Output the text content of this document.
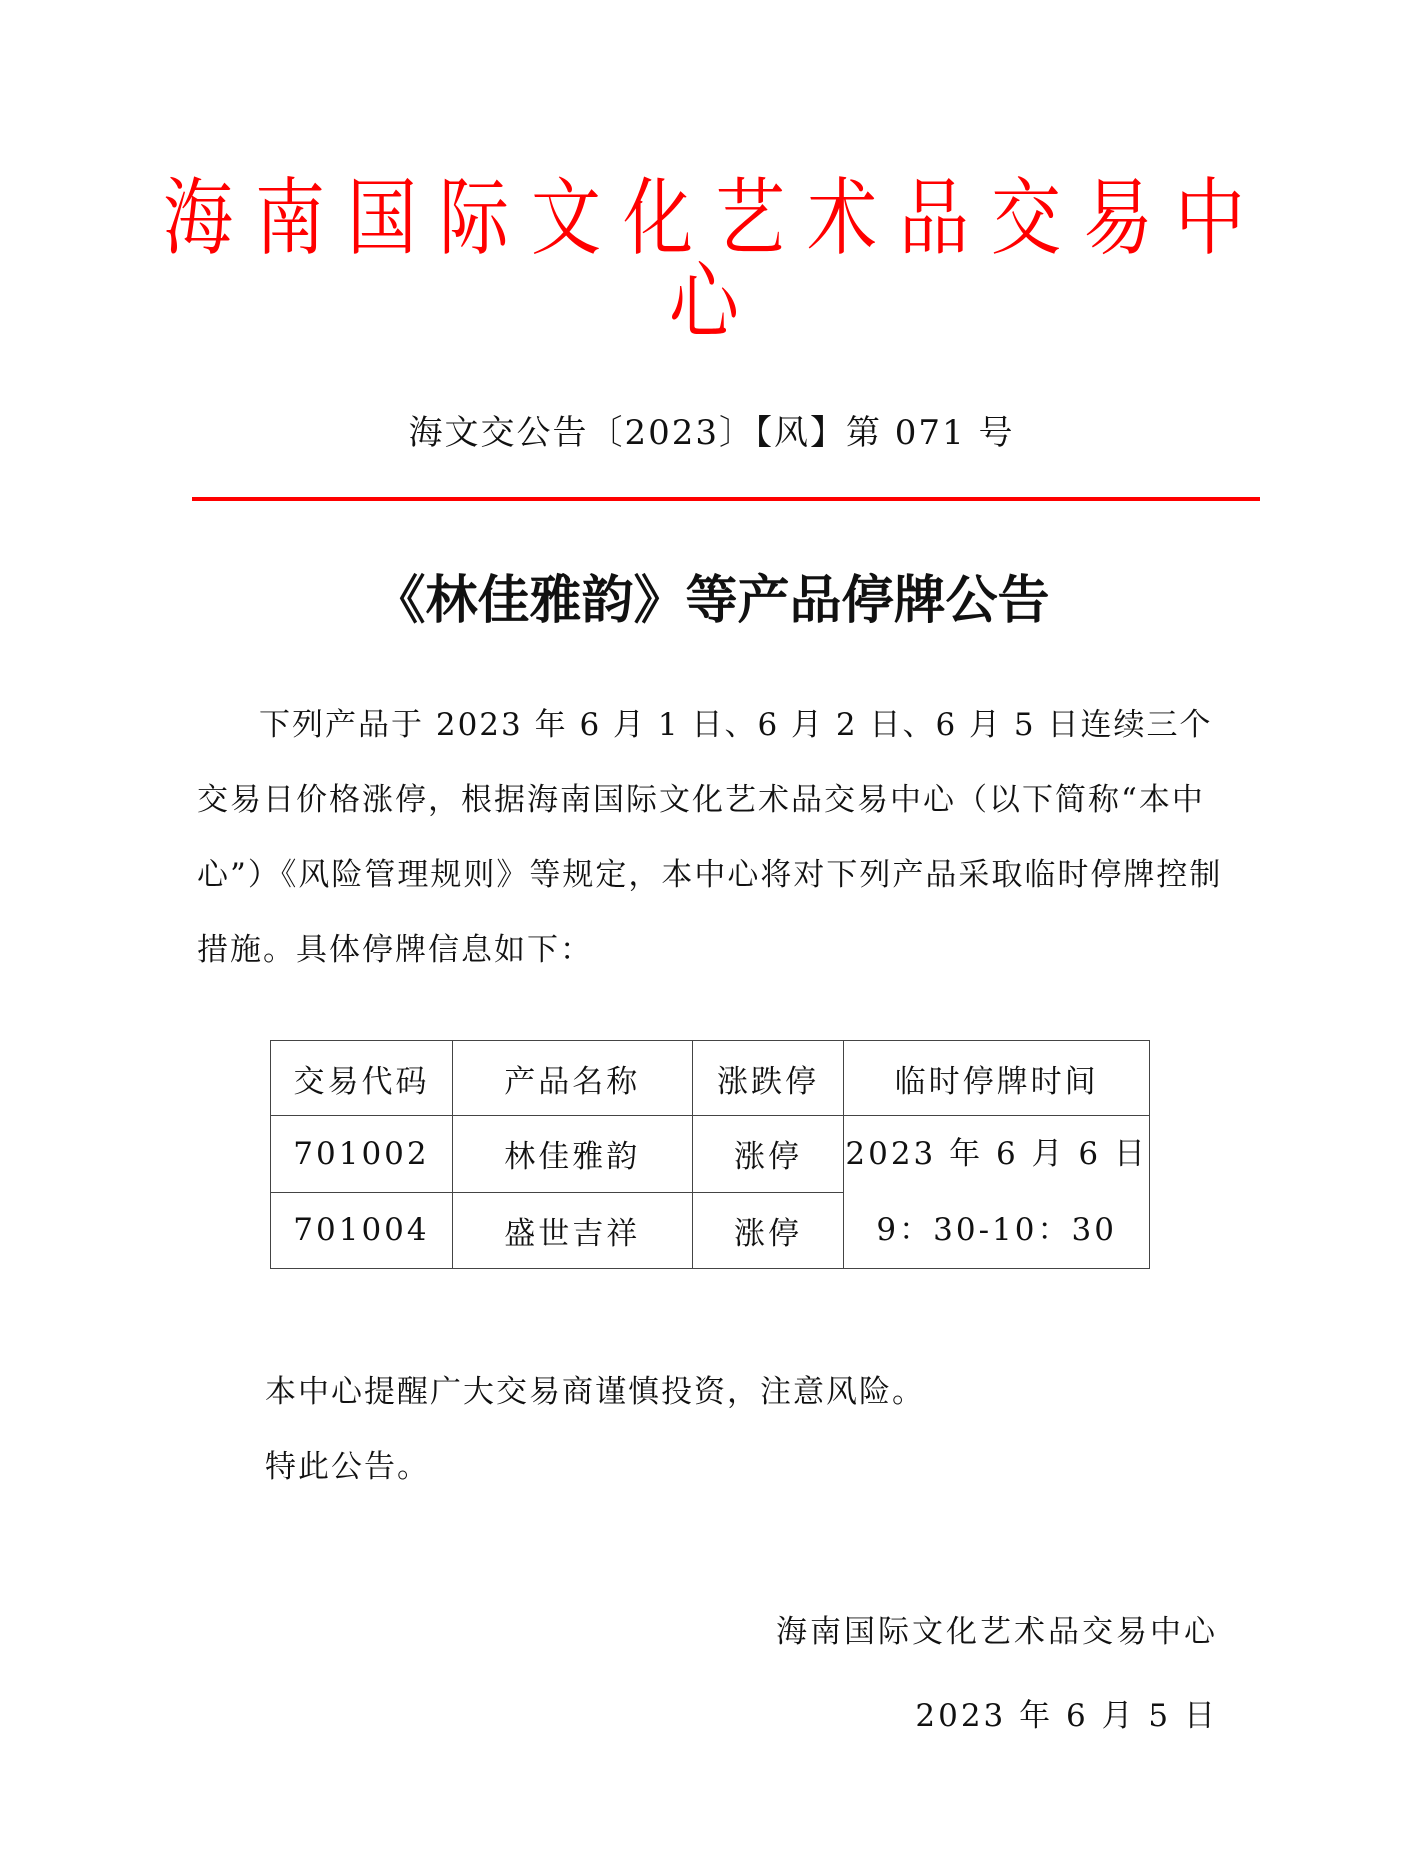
海南国际文化艺术品交易中心
海文交公告〔2023〕【风】第 071 号
《林佳雅韵》等产品停牌公告

下列产品于 2023 年 6 月 1 日、6 月 2 日、6 月 5 日连续三个交易日价格涨停，根据海南国际文化艺术品交易中心（以下简称“本中心”）《风险管理规则》等规定，本中心将对下列产品采取临时停牌控制措施。具体停牌信息如下：

交易代码	产品名称	涨跌停	临时停牌时间
701002	林佳雅韵	涨停	2023 年 6 月 6 日
9：30-10：30

701004	盛世吉祥	涨停	

本中心提醒广大交易商谨慎投资，注意风险。

特此公告。

海南国际文化艺术品交易中心
2023 年 6 月 5 日
